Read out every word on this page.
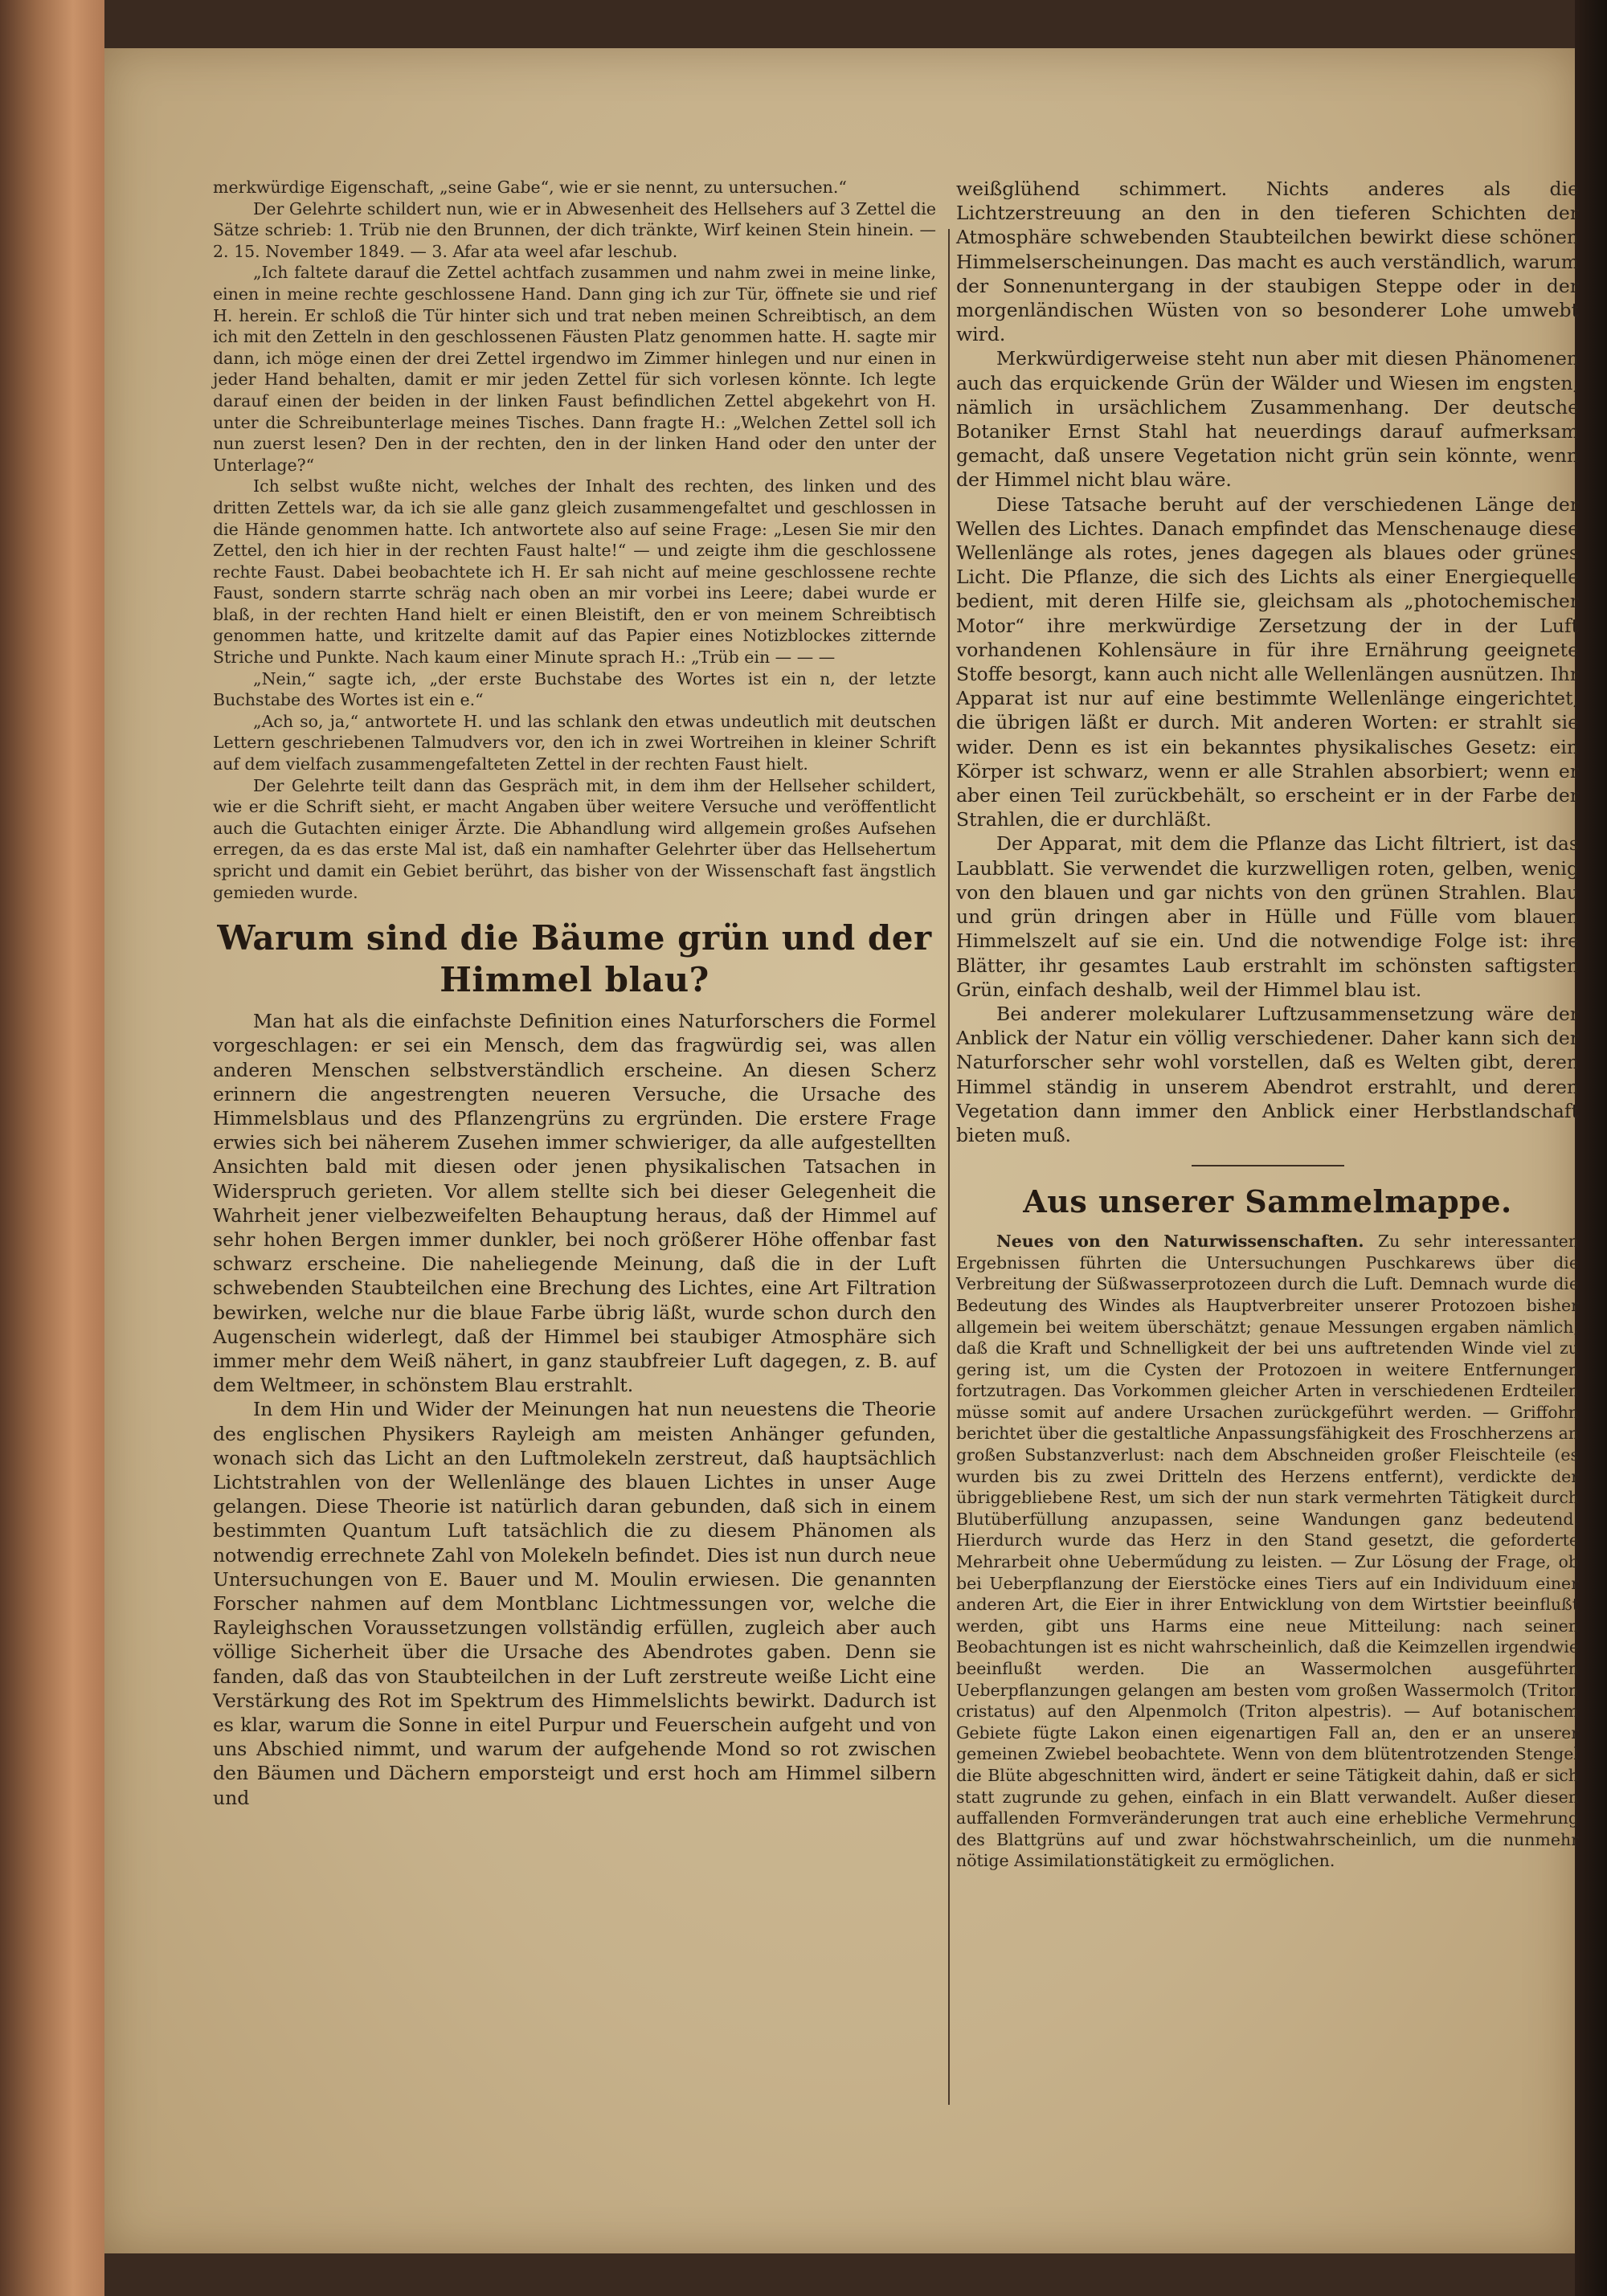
merkwürdige Eigenschaft, „seine Gabe“, wie er sie nennt, zu untersuchen.“

Der Gelehrte schildert nun, wie er in Abwesenheit des Hellsehers auf 3 Zettel die Sätze schrieb: 1. Trüb nie den Brunnen, der dich tränkte, Wirf keinen Stein hinein. — 2. 15. November 1849. — 3. Afar ata weel afar leschub.

„Ich faltete darauf die Zettel achtfach zusammen und nahm zwei in meine linke, einen in meine rechte geschlossene Hand. Dann ging ich zur Tür, öffnete sie und rief H. herein. Er schloß die Tür hinter sich und trat neben meinen Schreibtisch, an dem ich mit den Zetteln in den geschlossenen Fäusten Platz genommen hatte. H. sagte mir dann, ich möge einen der drei Zettel irgendwo im Zimmer hinlegen und nur einen in jeder Hand behalten, damit er mir jeden Zettel für sich vorlesen könnte. Ich legte darauf einen der beiden in der linken Faust befindlichen Zettel abgekehrt von H. unter die Schreibunterlage meines Tisches. Dann fragte H.: „Welchen Zettel soll ich nun zuerst lesen? Den in der rechten, den in der linken Hand oder den unter der Unterlage?“

Ich selbst wußte nicht, welches der Inhalt des rechten, des linken und des dritten Zettels war, da ich sie alle ganz gleich zusammengefaltet und geschlossen in die Hände genommen hatte. Ich antwortete also auf seine Frage: „Lesen Sie mir den Zettel, den ich hier in der rechten Faust halte!“ — und zeigte ihm die geschlossene rechte Faust. Dabei beobachtete ich H. Er sah nicht auf meine geschlossene rechte Faust, sondern starrte schräg nach oben an mir vorbei ins Leere; dabei wurde er blaß, in der rechten Hand hielt er einen Bleistift, den er von meinem Schreibtisch genommen hatte, und kritzelte damit auf das Papier eines Notizblockes zitternde Striche und Punkte. Nach kaum einer Minute sprach H.: „Trüb ein — — —

„Nein,“ sagte ich, „der erste Buchstabe des Wortes ist ein n, der letzte Buchstabe des Wortes ist ein e.“

„Ach so, ja,“ antwortete H. und las schlank den etwas undeutlich mit deutschen Lettern geschriebenen Talmudvers vor, den ich in zwei Wortreihen in kleiner Schrift auf dem vielfach zusammengefalteten Zettel in der rechten Faust hielt.

Der Gelehrte teilt dann das Gespräch mit, in dem ihm der Hellseher schildert, wie er die Schrift sieht, er macht Angaben über weitere Versuche und veröffentlicht auch die Gutachten einiger Ärzte. Die Abhandlung wird allgemein großes Aufsehen erregen, da es das erste Mal ist, daß ein namhafter Gelehrter über das Hellsehertum spricht und damit ein Gebiet berührt, das bisher von der Wissenschaft fast ängstlich gemieden wurde.

Warum sind die Bäume grün und der Himmel blau?

Man hat als die einfachste Definition eines Naturforschers die Formel vorgeschlagen: er sei ein Mensch, dem das fragwürdig sei, was allen anderen Menschen selbstverständlich erscheine. An diesen Scherz erinnern die angestrengten neueren Versuche, die Ursache des Himmelsblaus und des Pflanzengrüns zu ergründen. Die erstere Frage erwies sich bei näherem Zusehen immer schwieriger, da alle aufgestellten Ansichten bald mit diesen oder jenen physikalischen Tatsachen in Widerspruch gerieten. Vor allem stellte sich bei dieser Gelegenheit die Wahrheit jener vielbezweifelten Behauptung heraus, daß der Himmel auf sehr hohen Bergen immer dunkler, bei noch größerer Höhe offenbar fast schwarz erscheine. Die naheliegende Meinung, daß die in der Luft schwebenden Staubteilchen eine Brechung des Lichtes, eine Art Filtration bewirken, welche nur die blaue Farbe übrig läßt, wurde schon durch den Augenschein widerlegt, daß der Himmel bei staubiger Atmosphäre sich immer mehr dem Weiß nähert, in ganz staubfreier Luft dagegen, z. B. auf dem Weltmeer, in schönstem Blau erstrahlt.

In dem Hin und Wider der Meinungen hat nun neuestens die Theorie des englischen Physikers Rayleigh am meisten Anhänger gefunden, wonach sich das Licht an den Luftmolekeln zerstreut, daß hauptsächlich Lichtstrahlen von der Wellenlänge des blauen Lichtes in unser Auge gelangen. Diese Theorie ist natürlich daran gebunden, daß sich in einem bestimmten Quantum Luft tatsächlich die zu diesem Phänomen als notwendig errechnete Zahl von Molekeln befindet. Dies ist nun durch neue Untersuchungen von E. Bauer und M. Moulin erwiesen. Die genannten Forscher nahmen auf dem Montblanc Lichtmessungen vor, welche die Rayleighschen Voraussetzungen vollständig erfüllen, zugleich aber auch völlige Sicherheit über die Ursache des Abendrotes gaben. Denn sie fanden, daß das von Staubteilchen in der Luft zerstreute weiße Licht eine Verstärkung des Rot im Spektrum des Himmelslichts bewirkt. Dadurch ist es klar, warum die Sonne in eitel Purpur und Feuerschein aufgeht und von uns Abschied nimmt, und warum der aufgehende Mond so rot zwischen den Bäumen und Dächern emporsteigt und erst hoch am Himmel silbern und

weißglühend schimmert. Nichts anderes als die Lichtzerstreuung an den in den tieferen Schichten der Atmosphäre schwebenden Staubteilchen bewirkt diese schönen Himmelserscheinungen. Das macht es auch verständlich, warum der Sonnenuntergang in der staubigen Steppe oder in der morgenländischen Wüsten von so besonderer Lohe umwebt wird.

Merkwürdigerweise steht nun aber mit diesen Phänomenen auch das erquickende Grün der Wälder und Wiesen im engsten, nämlich in ursächlichem Zusammenhang. Der deutsche Botaniker Ernst Stahl hat neuerdings darauf aufmerksam gemacht, daß unsere Vegetation nicht grün sein könnte, wenn der Himmel nicht blau wäre.

Diese Tatsache beruht auf der verschiedenen Länge der Wellen des Lichtes. Danach empfindet das Menschenauge diese Wellenlänge als rotes, jenes dagegen als blaues oder grünes Licht. Die Pflanze, die sich des Lichts als einer Energiequelle bedient, mit deren Hilfe sie, gleichsam als „photochemischer Motor“ ihre merkwürdige Zersetzung der in der Luft vorhandenen Kohlensäure in für ihre Ernährung geeignete Stoffe besorgt, kann auch nicht alle Wellenlängen ausnützen. Ihr Apparat ist nur auf eine bestimmte Wellenlänge eingerichtet, die übrigen läßt er durch. Mit anderen Worten: er strahlt sie wider. Denn es ist ein bekanntes physikalisches Gesetz: ein Körper ist schwarz, wenn er alle Strahlen absorbiert; wenn er aber einen Teil zurückbehält, so erscheint er in der Farbe der Strahlen, die er durchläßt.

Der Apparat, mit dem die Pflanze das Licht filtriert, ist das Laubblatt. Sie verwendet die kurzwelligen roten, gelben, wenig von den blauen und gar nichts von den grünen Strahlen. Blau und grün dringen aber in Hülle und Fülle vom blauen Himmelszelt auf sie ein. Und die notwendige Folge ist: ihre Blätter, ihr gesamtes Laub erstrahlt im schönsten saftigsten Grün, einfach deshalb, weil der Himmel blau ist.

Bei anderer molekularer Luftzusammensetzung wäre der Anblick der Natur ein völlig verschiedener. Daher kann sich der Naturforscher sehr wohl vorstellen, daß es Welten gibt, deren Himmel ständig in unserem Abendrot erstrahlt, und deren Vegetation dann immer den Anblick einer Herbstlandschaft bieten muß.

Aus unserer Sammelmappe.

Neues von den Naturwissenschaften. Zu sehr interessanten Ergebnissen führten die Untersuchungen Puschkarews über die Verbreitung der Süßwasserprotozeen durch die Luft. Demnach wurde die Bedeutung des Windes als Hauptverbreiter unserer Protozoen bisher allgemein bei weitem überschätzt; genaue Messungen ergaben nämlich, daß die Kraft und Schnelligkeit der bei uns auftretenden Winde viel zu gering ist, um die Cysten der Protozoen in weitere Entfernungen fortzutragen. Das Vorkommen gleicher Arten in verschiedenen Erdteilen müsse somit auf andere Ursachen zurückgeführt werden. — Griffohn berichtet über die gestaltliche Anpassungsfähigkeit des Froschherzens an großen Substanzverlust: nach dem Abschneiden großer Fleischteile (es wurden bis zu zwei Dritteln des Herzens entfernt), verdickte der übriggebliebene Rest, um sich der nun stark vermehrten Tätigkeit durch Blutüberfüllung anzupassen, seine Wandungen ganz bedeutend. Hierdurch wurde das Herz in den Stand gesetzt, die geforderte Mehrarbeit ohne Ueberműdung zu leisten. — Zur Lösung der Frage, ob bei Ueberpflanzung der Eierstöcke eines Tiers auf ein Individuum einer anderen Art, die Eier in ihrer Entwicklung von dem Wirtstier beeinflußt werden, gibt uns Harms eine neue Mitteilung: nach seinen Beobachtungen ist es nicht wahrscheinlich, daß die Keimzellen irgendwie beeinflußt werden. Die an Wassermolchen ausgeführten Ueberpflanzungen gelangen am besten vom großen Wassermolch (Triton cristatus) auf den Alpenmolch (Triton alpestris). — Auf botanischem Gebiete fügte Lakon einen eigenartigen Fall an, den er an unserer gemeinen Zwiebel beobachtete. Wenn von dem blütentrotzenden Stengel die Blüte abgeschnitten wird, ändert er seine Tätigkeit dahin, daß er sich statt zugrunde zu gehen, einfach in ein Blatt verwandelt. Außer diesen auffallenden Formveränderungen trat auch eine erhebliche Vermehrung des Blattgrüns auf und zwar höchstwahrscheinlich, um die nunmehr nötige Assimilationstätigkeit zu ermöglichen.
